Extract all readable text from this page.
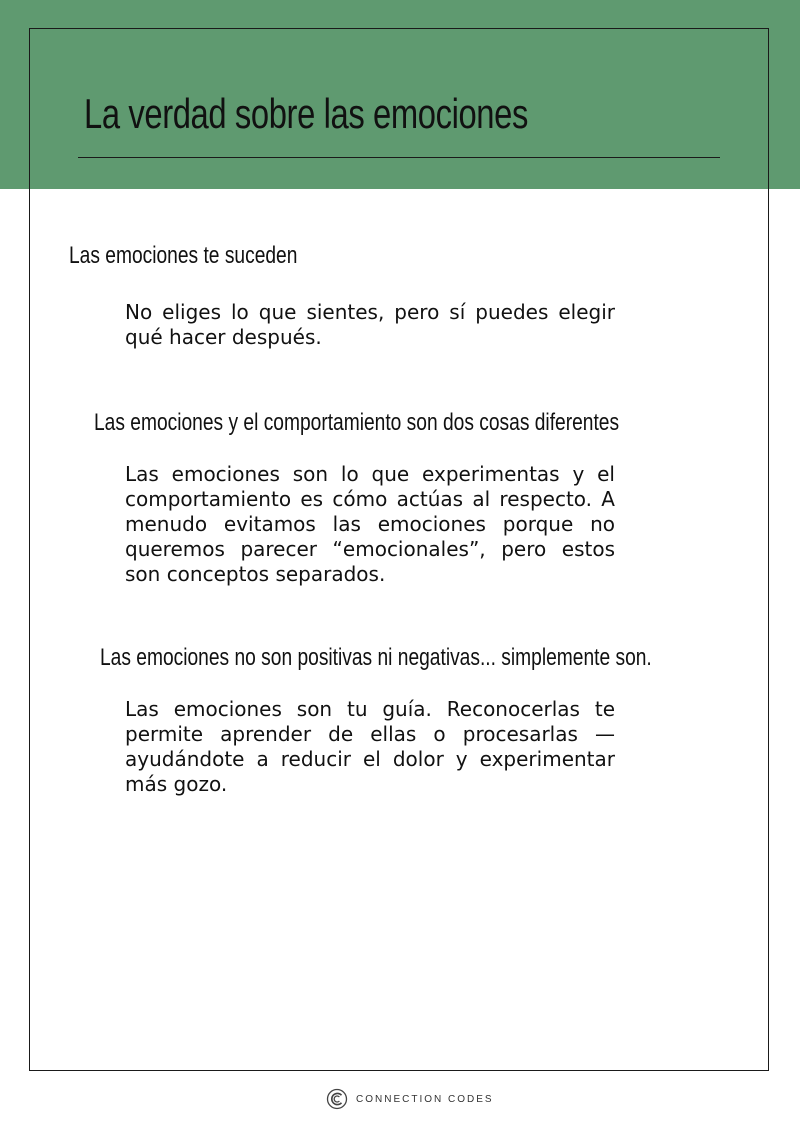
La verdad sobre las emociones
Las emociones te suceden

No eliges lo que sientes, pero sí puedes elegir qué hacer después.

Las emociones y el comportamiento son dos cosas diferentes

Las emociones son lo que experimentas y el comportamiento es cómo actúas al respecto. A menudo evitamos las emociones porque no queremos parecer “emocionales”, pero estos son conceptos separados.

Las emociones no son positivas ni negativas... simplemente son.

Las emociones son tu guía. Reconocerlas te permite aprender de ellas o procesarlas —ayudándote a reducir el dolor y experimentar más gozo.

CONNECTION CODES
